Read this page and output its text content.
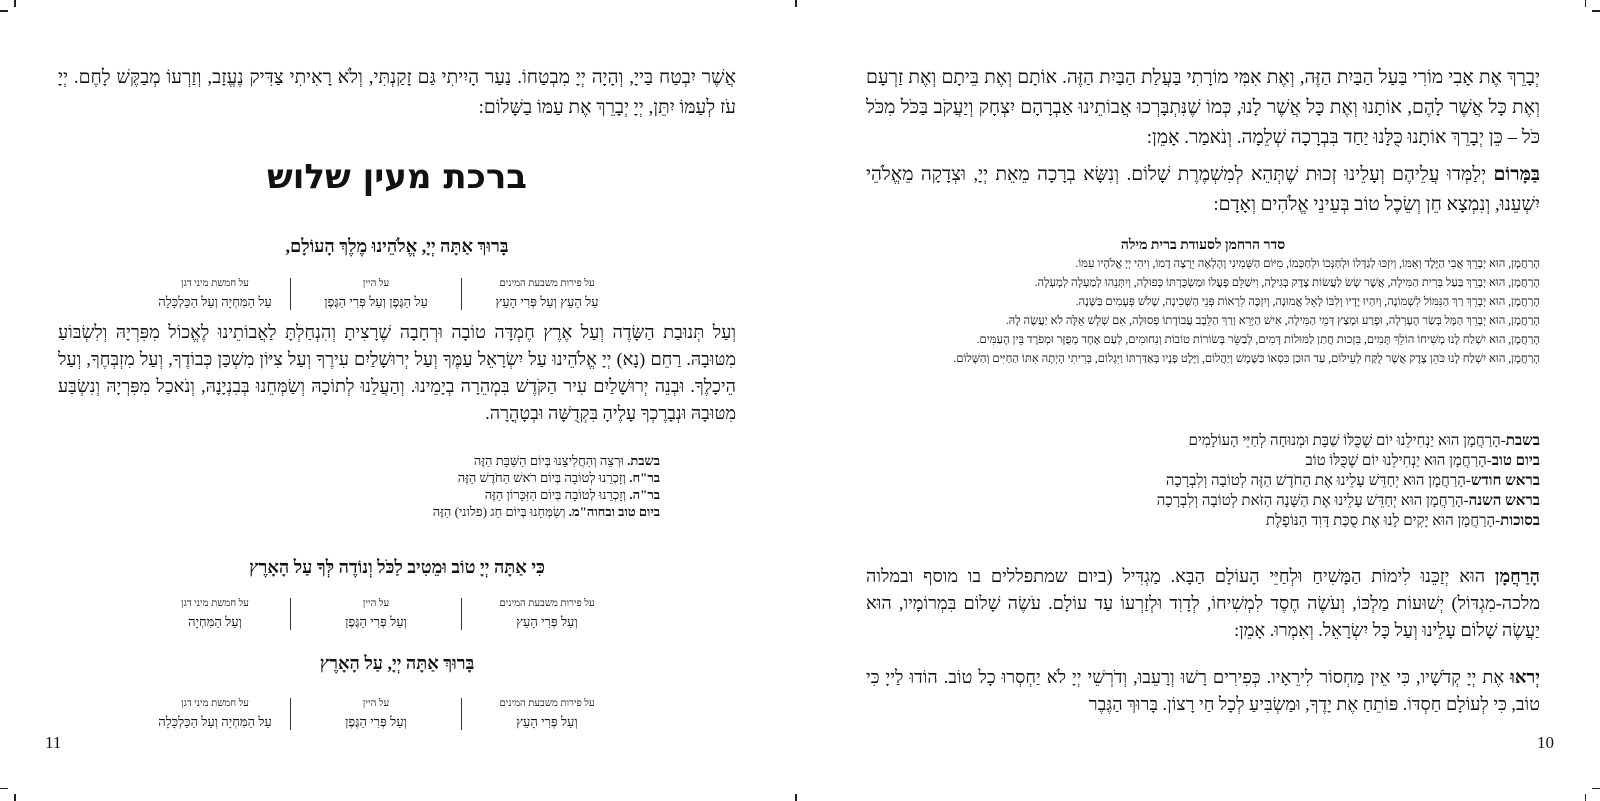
יְבָרֵךְ אֶת אָבִי מוֹרִי בַּעַל הַבַּיִת הַזֶּה, וְאֶת אִמִּי מוֹרָתִי בַּעֲלַת הַבַּיִת הַזֶּה. אוֹתָם וְאֶת בֵּיתָם וְאֶת זַרְעָם וְאֶת כָּל אֲשֶׁר לָהֶם, אוֹתָנוּ וְאֶת כָּל אֲשֶׁר לָנוּ, כְּמוֹ שֶׁנִּתְבָּרְכוּ אֲבוֹתֵינוּ אַבְרָהָם יִצְחָק וְיַעֲקֹב בַּכֹּל מִכֹּל כֹּל – כֵּן יְבָרֵךְ אוֹתָנוּ כֻּלָּנוּ יַחַד בִּבְרָכָה שְׁלֵמָה. וְנֹאמַר. אָמֵן:
בַּמָּרוֹם יְלַמְּדוּ עֲלֵיהֶם וְעָלֵינוּ זְכוּת שֶׁתְּהֵא לְמִשְׁמֶרֶת שָׁלוֹם. וְנִשָּׂא בְרָכָה מֵאֵת יְיָ, וּצְדָקָה מֵאֱלֹהֵי יִשְׁעֵנוּ, וְנִמְצָא חֵן וְשֵׂכֶל טוֹב בְּעֵינֵי אֱלֹהִים וְאָדָם:
סדר הרחמן לסעודת ברית מילה
הָרַחֲמָן, הוּא יְבָרֵךְ אֲבִי הַיֶּלֶד וְאִמּוֹ, וְיִזְכּוּ לְגַדְּלוֹ וּלְחַנְּכוֹ וּלְחַכְּמוֹ, מִיּוֹם הַשְּׁמִינִי וָהָלְאָה יֵרָצֶה דָמוֹ, וִיהִי יְיָ אֱלֹהָיו עִמּוֹ.
הָרַחֲמָן, הוּא יְבָרֵךְ בַּעַל בְּרִית הַמִּילָה, אֲשֶׁר שָׂשׂ לַעֲשׂוֹת צֶדֶק בְּגִילָה, וִישַׁלֵּם פָּעֳלוֹ וּמַשְׂכֻּרְתּוֹ כְּפוּלָה, וְיִתְּנֵהוּ לְמַעְלָה לְמָעְלָה.
הָרַחֲמָן, הוּא יְבָרֵךְ רַךְ הַנִּמּוֹל לִשְׁמוֹנָה, וְיִהְיוּ יָדָיו וְלִבּוֹ לָאֵל אֱמוּנָה, וְיִזְכֶּה לִרְאוֹת פְּנֵי הַשְּׁכִינָה, שָׁלֹשׁ פְּעָמִים בַּשָּׁנָה.
הָרַחֲמָן, הוּא יְבָרֵךְ הַמָּל בְּשַׂר הָעָרְלָה, וּפָרַע וּמָצַץ דְּמֵי הַמִּילָה, אִישׁ הַיָּרֵא וְרַךְ הַלֵּבָב עֲבוֹדָתוֹ פְּסוּלָה, אִם שְׁלָשׁ אֵלֶּה לֹא יַעֲשֶׂה לָהּ.
הָרַחֲמָן, הוּא יִשְׁלַח לָנוּ מְשִׁיחוֹ הוֹלֵךְ תָּמִים, בִּזְכוּת חֲתַן לַמּוּלוֹת דָּמִים, לְבַשֵּׂר בְּשׂוֹרוֹת טוֹבוֹת וְנִחוּמִים, לְעַם אֶחָד מְפֻזָּר וּמְפֹרָד בֵּין הָעַמִּים.
הָרַחֲמָן, הוּא יִשְׁלַח לָנוּ כֹּהֵן צֶדֶק אֲשֶׁר לֻקַּח לְעֵילוֹם, עַד הוּכַן כִּסְאוֹ כַּשֶּׁמֶשׁ וְיַהֲלוֹם, וַיָּלֶט פָּנָיו בְּאַדַּרְתּוֹ וַיִּגְלוֹם, בְּרִיתִי הָיְתָה אִתּוֹ הַחַיִּים וְהַשָּׁלוֹם.
בשבת-הָרַחֲמָן הוּא יַנְחִילֵנוּ יוֹם שֶׁכֻּלּוֹ שַׁבָּת וּמְנוּחָה לְחַיֵּי הָעוֹלָמִים
ביום טוב-הָרַחֲמָן הוּא יַנְחִילֵנוּ יוֹם שֶׁכֻּלּוֹ טוֹב
בראש חודש-הָרַחֲמָן הוּא יְחַדֵּשׁ עָלֵינוּ אֶת הַחֹדֶשׁ הַזֶּה לְטוֹבָה וְלִבְרָכָה
בראש השנה-הָרַחֲמָן הוּא יְחַדֵּשׁ עָלֵינוּ אֶת הַשָּׁנָה הַזֹּאת לְטוֹבָה וְלִבְרָכָה
בסוכות-הָרַחֲמָן הוּא יָקִים לָנוּ אֶת סֻכַּת דָּוִד הַנּוֹפָלֶת
הָרַחֲמָן הוּא יְזַכֵּנוּ לִימוֹת הַמָּשִׁיחַ וּלְחַיֵּי הָעוֹלָם הַבָּא. מַגְדִּיל (ביום שמתפללים בו מוסף ובמלוה מלכה-מִגְדּוֹל) יְשׁוּעוֹת מַלְכּוֹ, וְעֹשֶׂה חֶסֶד לִמְשִׁיחוֹ, לְדָוִד וּלְזַרְעוֹ עַד עוֹלָם. עֹשֶׂה שָׁלוֹם בִּמְרוֹמָיו, הוּא יַעֲשֶׂה שָׁלוֹם עָלֵינוּ וְעַל כָּל יִשְׂרָאֵל. וְאִמְרוּ. אָמֵן:
יְראוּ אֶת יְיָ קְדֹשָׁיו, כִּי אֵין מַחְסוֹר לִירֵאָיו. כְּפִירִים רָשׁוּ וְרָעֵבוּ, וְדֹרְשֵׁי יְיָ לֹא יַחְסְרוּ כָל טוֹב. הוֹדוּ לַייָ כִּי טוֹב, כִּי לְעוֹלָם חַסְדּוֹ. פּוֹתֵחַ אֶת יָדֶךָ, וּמַשְׂבִּיעַ לְכָל חַי רָצוֹן. בָּרוּךְ הַגֶּבֶר
10
אֲשֶׁר יִבְטַח בַּייָ, וְהָיָה יְיָ מִבְטַחוֹ. נַעַר הָיִיתִי גַּם זָקַנְתִּי, וְלֹא רָאִיתִי צַדִּיק נֶעֱזָב, וְזַרְעוֹ מְבַקֶּשׁ לָחֶם. יְיָ עֹז לְעַמּוֹ יִתֵּן, יְיָ יְבָרֵךְ אֶת עַמּוֹ בַשָּׁלוֹם:
ברכת מעין שלוש
בָּרוּךְ אַתָּה יְיָ, אֱלֹהֵינוּ מֶלֶךְ הָעוֹלָם,
על חמשת מיני דגן
עַל הַמִּחְיָה וְעַל הַכַּלְכָּלָה
על היין
עַל הַגֶּפֶן וְעַל פְּרִי הַגֶּפֶן
על פירות משבעת המינים
עַל הָעֵץ וְעַל פְּרִי הָעֵץ
וְעַל תְּנוּבַת הַשָּׂדֶה וְעַל אֶרֶץ חֶמְדָּה טוֹבָה וּרְחָבָה שֶׁרָצִיתָ וְהִנְחַלְתָּ לַאֲבוֹתֵינוּ לֶאֱכוֹל מִפִּרְיָהּ וְלִשְׂבּוֹעַ מִטּוּבָהּ. רַחֵם (נָא) יְיָ אֱלֹהֵינוּ עַל יִשְׂרָאֵל עַמֶּךָ וְעַל יְרוּשָׁלַיִם עִירֶךָ וְעַל צִיּוֹן מִשְׁכַּן כְּבוֹדֶךָ, וְעַל מִזְבְּחֶךָ, וְעַל הֵיכָלֶךָ. וּבְנֵה יְרוּשָׁלַיִם עִיר הַקֹּדֶשׁ בִּמְהֵרָה בְיָמֵינוּ. וְהַעֲלֵנוּ לְתוֹכָהּ וְשַׂמְּחֵנוּ בְּבִנְיָנָהּ, וְנֹאכַל מִפִּרְיָהּ וְנִשְׂבַּע מִטּוּבָהּ וּנְבָרֶכְךָ עָלֶיהָ בִּקְדֻשָּׁה וּבְטָהֳרָה.
בשבת. וּרְצֵה וְהַחֲלִיצֵנוּ בְּיוֹם הַשַּׁבָּת הַזֶּה
בר"ח. וְזָכְרֵנוּ לְטוֹבָה בְּיוֹם רֹאשׁ הַחֹדֶשׁ הַזֶּה
בר"ה. וְזָכְרֵנוּ לְטוֹבָה בְּיוֹם הַזִּכָּרוֹן הַזֶּה
ביום טוב ובחוה"מ. וְשַׂמְּחֵנוּ בְּיוֹם חַג (פלוני) הַזֶּה
כִּי אַתָּה יְיָ טוֹב וּמֵטִיב לַכֹּל וְנוֹדֶה לְּךָ עַל הָאָרֶץ
על חמשת מיני דגן
וְעַל הַמִּחְיָה
על היין
וְעַל פְּרִי הַגֶּפֶן
על פירות משבעת המינים
וְעַל פְּרִי הָעֵץ
בָּרוּךְ אַתָּה יְיָ, עַל הָאָרֶץ
על חמשת מיני דגן
עַל הַמִּחְיָה וְעַל הַכַּלְכָּלָה
על היין
וְעַל פְּרִי הַגֶּפֶן
על פירות משבעת המינים
וְעַל פְּרִי הָעֵץ
11
